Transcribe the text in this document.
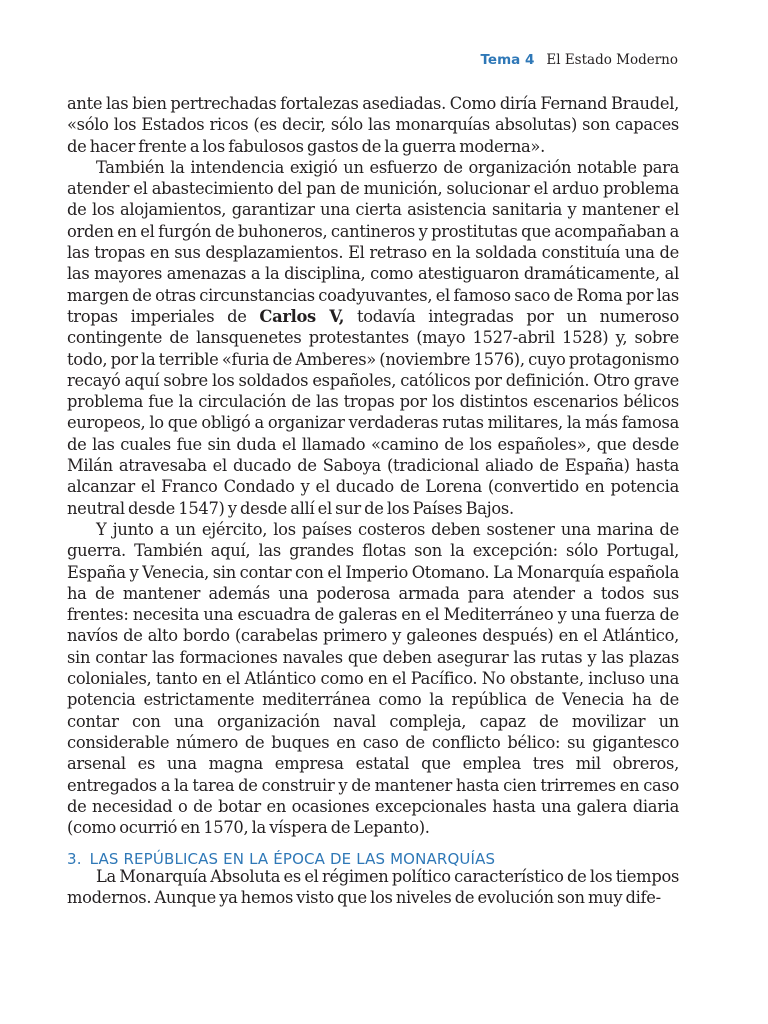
Tema 4 El Estado Moderno

ante las bien pertrechadas fortalezas asediadas. Como diría Fernand Braudel, «sólo los Estados ricos (es decir, sólo las monarquías absolutas) son capaces de hacer frente a los fabulosos gastos de la guerra moderna».

También la intendencia exigió un esfuerzo de organización notable para atender el abastecimiento del pan de munición, solucionar el arduo problema de los alojamientos, garantizar una cierta asistencia sanitaria y mantener el orden en el furgón de buhoneros, cantineros y prostitutas que acompañaban a las tropas en sus desplazamientos. El retraso en la soldada constituía una de las mayores amenazas a la disciplina, como atestiguaron dramáticamente, al margen de otras circunstancias coadyuvantes, el famoso saco de Roma por las tropas imperiales de Carlos V, todavía integradas por un numeroso contingente de lansquenetes protestantes (mayo 1527-abril 1528) y, sobre todo, por la terrible «furia de Amberes» (noviembre 1576), cuyo protagonismo recayó aquí sobre los soldados españoles, católicos por definición. Otro grave problema fue la circulación de las tropas por los distintos escenarios bélicos europeos, lo que obligó a organizar verdaderas rutas militares, la más famosa de las cuales fue sin duda el llamado «camino de los españoles», que desde Milán atravesaba el ducado de Saboya (tradicional aliado de España) hasta alcanzar el Franco Condado y el ducado de Lorena (convertido en potencia neutral desde 1547) y desde allí el sur de los Países Bajos.

Y junto a un ejército, los países costeros deben sostener una marina de guerra. También aquí, las grandes flotas son la excepción: sólo Portugal, España y Venecia, sin contar con el Imperio Otomano. La Monarquía española ha de mantener además una poderosa armada para atender a todos sus frentes: necesita una escuadra de galeras en el Mediterráneo y una fuerza de navíos de alto bordo (carabelas primero y galeones después) en el Atlántico, sin contar las formaciones navales que deben asegurar las rutas y las plazas coloniales, tanto en el Atlántico como en el Pacífico. No obstante, incluso una potencia estrictamente mediterránea como la república de Venecia ha de contar con una organización naval compleja, capaz de movilizar un considerable número de buques en caso de conflicto bélico: su gigantesco arsenal es una magna empresa estatal que emplea tres mil obreros, entregados a la tarea de construir y de mantener hasta cien trirremes en caso de necesidad o de botar en ocasiones excepcionales hasta una galera diaria (como ocurrió en 1570, la víspera de Lepanto).

3. LAS REPÚBLICAS EN LA ÉPOCA DE LAS MONARQUÍAS

La Monarquía Absoluta es el régimen político característico de los tiempos modernos. Aunque ya hemos visto que los niveles de evolución son muy dife-
